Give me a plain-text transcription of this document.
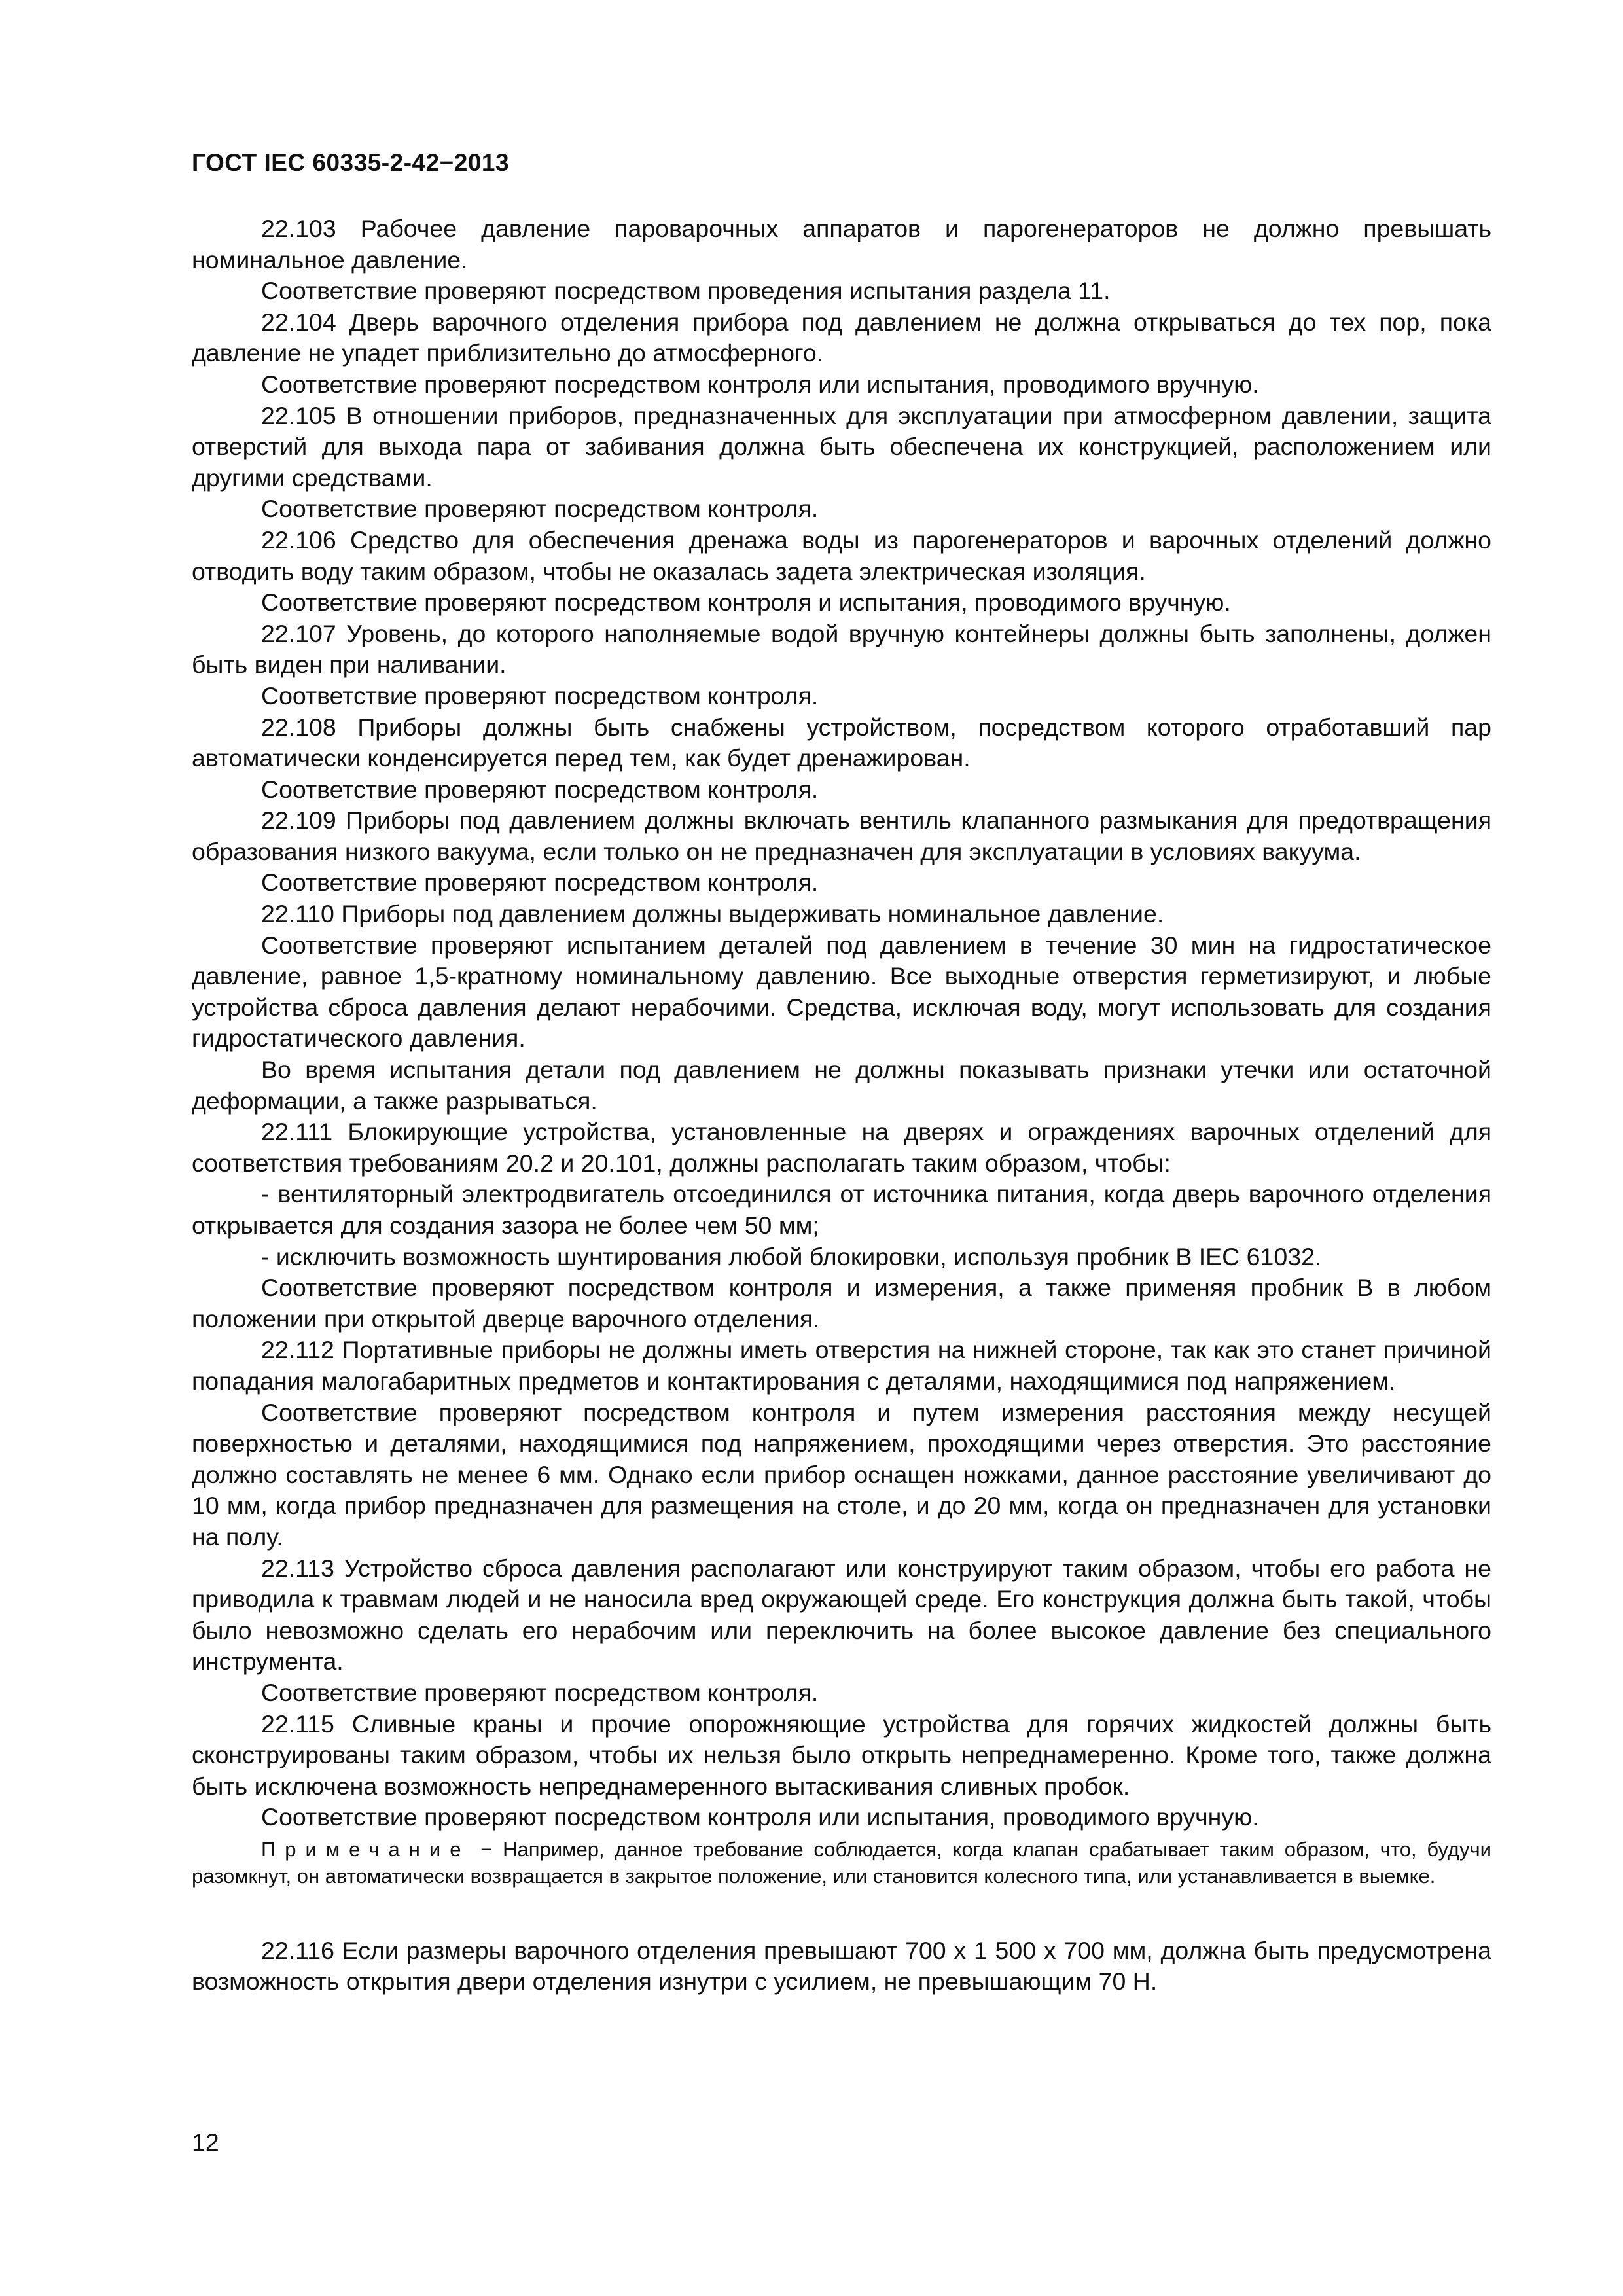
ГОСТ IEC 60335-2-42−2013

22.103 Рабочее давление пароварочных аппаратов и парогенераторов не должно превышать номинальное давление.

Соответствие проверяют посредством проведения испытания раздела 11.

22.104 Дверь варочного отделения прибора под давлением не должна открываться до тех пор, пока давление не упадет приблизительно до атмосферного.

Соответствие проверяют посредством контроля или испытания, проводимого вручную.

22.105 В отношении приборов, предназначенных для эксплуатации при атмосферном давлении, защита отверстий для выхода пара от забивания должна быть обеспечена их конструкцией, расположением или другими средствами.

Соответствие проверяют посредством контроля.

22.106 Средство для обеспечения дренажа воды из парогенераторов и варочных отделений должно отводить воду таким образом, чтобы не оказалась задета электрическая изоляция.

Соответствие проверяют посредством контроля и испытания, проводимого вручную.

22.107 Уровень, до которого наполняемые водой вручную контейнеры должны быть заполнены, должен быть виден при наливании.

Соответствие проверяют посредством контроля.

22.108 Приборы должны быть снабжены устройством, посредством которого отработавший пар автоматически конденсируется перед тем, как будет дренажирован.

Соответствие проверяют посредством контроля.

22.109 Приборы под давлением должны включать вентиль клапанного размыкания для предотвращения образования низкого вакуума, если только он не предназначен для эксплуатации в условиях вакуума.

Соответствие проверяют посредством контроля.

22.110 Приборы под давлением должны выдерживать номинальное давление.

Соответствие проверяют испытанием деталей под давлением в течение 30 мин на гидростатическое давление, равное 1,5-кратному номинальному давлению. Все выходные отверстия герметизируют, и любые устройства сброса давления делают нерабочими. Средства, исключая воду, могут использовать для создания гидростатического давления.

Во время испытания детали под давлением не должны показывать признаки утечки или остаточной деформации, а также разрываться.

22.111 Блокирующие устройства, установленные на дверях и ограждениях варочных отделений для соответствия требованиям 20.2 и 20.101, должны располагать таким образом, чтобы:

- вентиляторный электродвигатель отсоединился от источника питания, когда дверь варочного отделения открывается для создания зазора не более чем 50 мм;

- исключить возможность шунтирования любой блокировки, используя пробник B IEC 61032.

Соответствие проверяют посредством контроля и измерения, а также применяя пробник B в любом положении при открытой дверце варочного отделения.

22.112 Портативные приборы не должны иметь отверстия на нижней стороне, так как это станет причиной попадания малогабаритных предметов и контактирования с деталями, находящимися под напряжением.

Соответствие проверяют посредством контроля и путем измерения расстояния между несущей поверхностью и деталями, находящимися под напряжением, проходящими через отверстия. Это расстояние должно составлять не менее 6 мм. Однако если прибор оснащен ножками, данное расстояние увеличивают до 10 мм, когда прибор предназначен для размещения на столе, и до 20 мм, когда он предназначен для установки на полу.

22.113 Устройство сброса давления располагают или конструируют таким образом, чтобы его работа не приводила к травмам людей и не наносила вред окружающей среде. Его конструкция должна быть такой, чтобы было невозможно сделать его нерабочим или переключить на более высокое давление без специального инструмента.

Соответствие проверяют посредством контроля.

22.115 Сливные краны и прочие опорожняющие устройства для горячих жидкостей должны быть сконструированы таким образом, чтобы их нельзя было открыть непреднамеренно. Кроме того, также должна быть исключена возможность непреднамеренного вытаскивания сливных пробок.

Соответствие проверяют посредством контроля или испытания, проводимого вручную.

Примечание − Например, данное требование соблюдается, когда клапан срабатывает таким образом, что, будучи разомкнут, он автоматически возвращается в закрытое положение, или становится колесного типа, или устанавливается в выемке.

22.116 Если размеры варочного отделения превышают 700 x 1 500 x 700 мм, должна быть предусмотрена возможность открытия двери отделения изнутри с усилием, не превышающим 70 Н.

12
